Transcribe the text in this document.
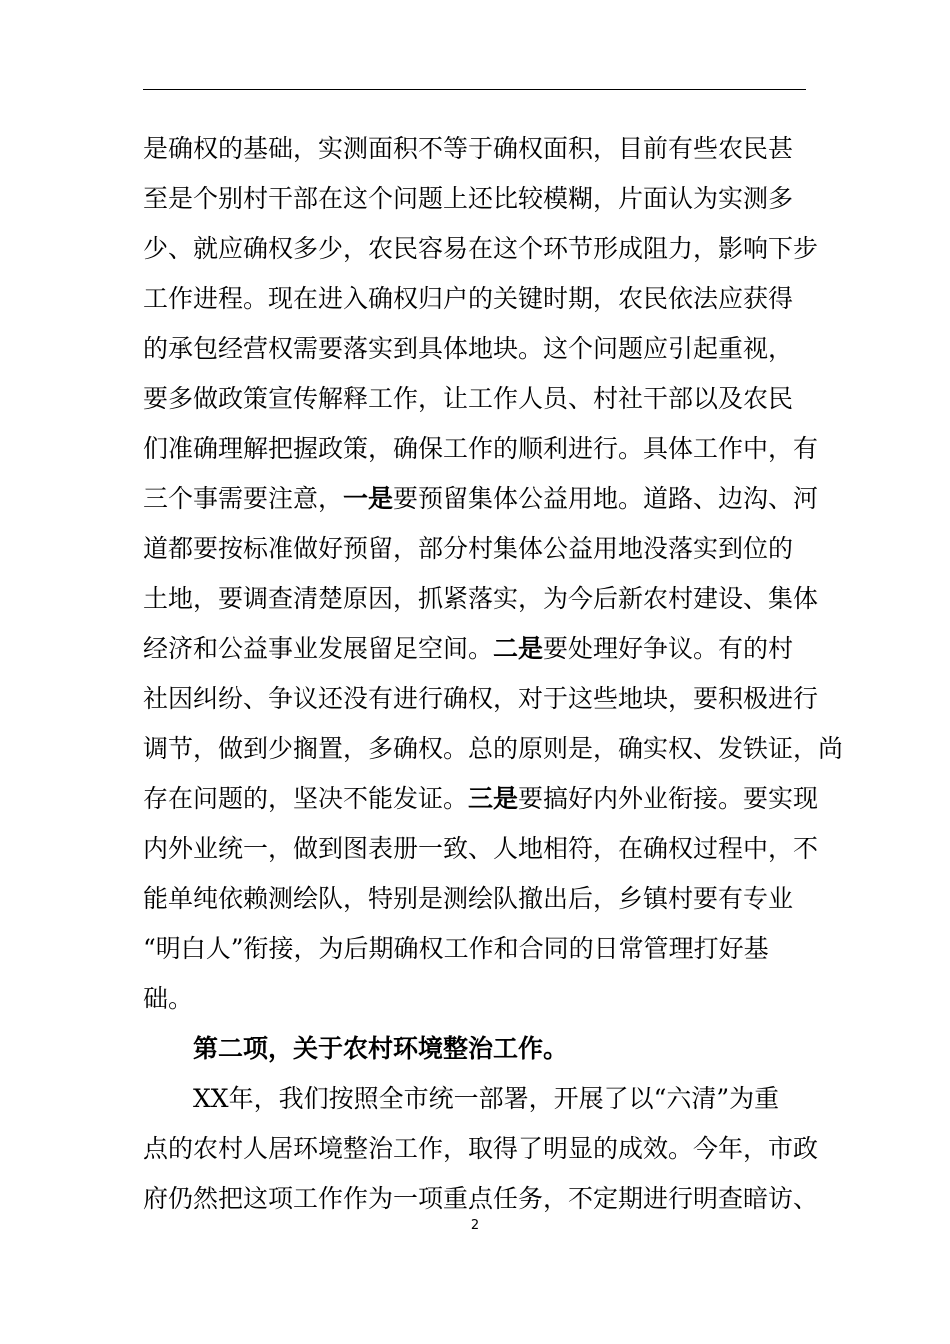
是确权的基础，实测面积不等于确权面积，目前有些农民甚
至是个别村干部在这个问题上还比较模糊，片面认为实测多
少、就应确权多少，农民容易在这个环节形成阻力，影响下步
工作进程。现在进入确权归户的关键时期，农民依法应获得
的承包经营权需要落实到具体地块。这个问题应引起重视，
要多做政策宣传解释工作，让工作人员、村社干部以及农民
们准确理解把握政策，确保工作的顺利进行。具体工作中，有
三个事需要注意，一是要预留集体公益用地。道路、边沟、河
道都要按标准做好预留，部分村集体公益用地没落实到位的
土地，要调查清楚原因，抓紧落实，为今后新农村建设、集体
经济和公益事业发展留足空间。二是要处理好争议。有的村
社因纠纷、争议还没有进行确权，对于这些地块，要积极进行
调节，做到少搁置，多确权。总的原则是，确实权、发铁证，尚
存在问题的，坚决不能发证。三是要搞好内外业衔接。要实现
内外业统一，做到图表册一致、人地相符，在确权过程中，不
能单纯依赖测绘队，特别是测绘队撤出后，乡镇村要有专业
“明白人”衔接，为后期确权工作和合同的日常管理打好基
础。
第二项，关于农村环境整治工作。
XX年，我们按照全市统一部署，开展了以“六清”为重
点的农村人居环境整治工作，取得了明显的成效。今年，市政
府仍然把这项工作作为一项重点任务，不定期进行明查暗访、
2
